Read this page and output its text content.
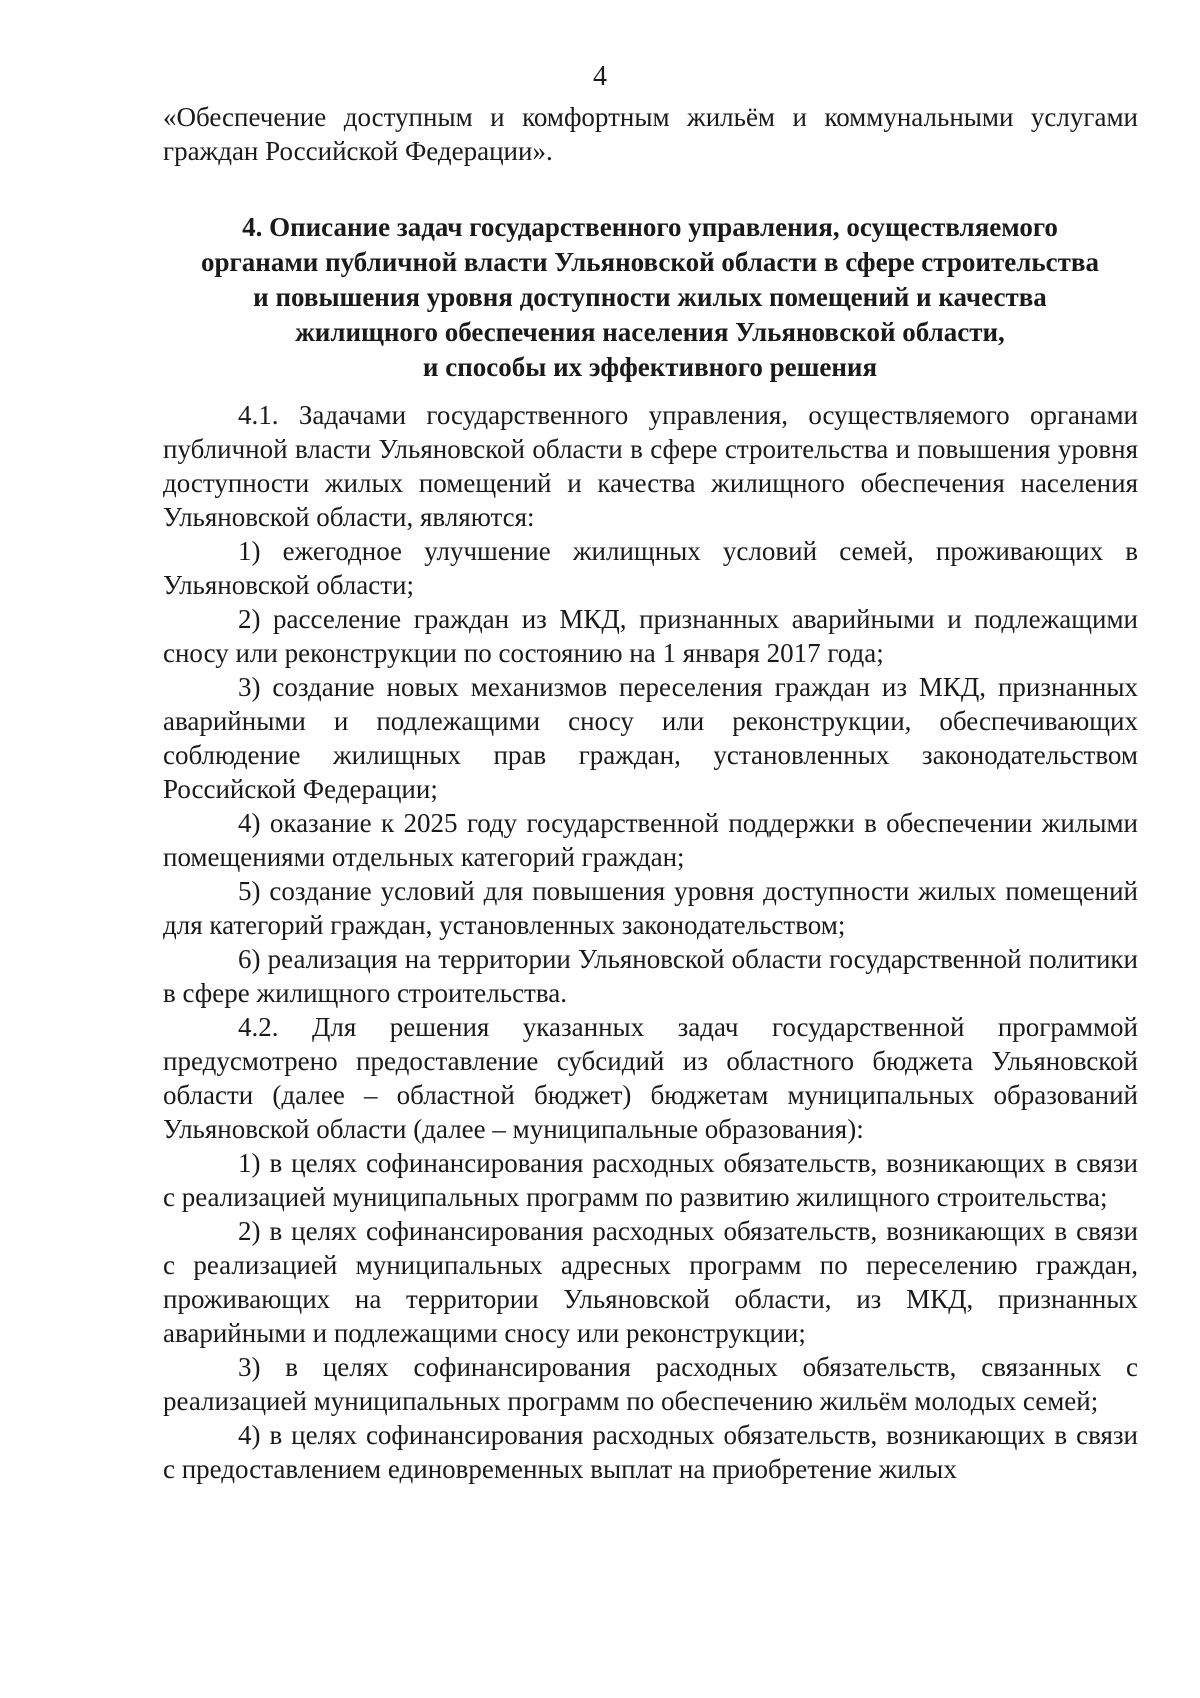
4

«Обеспечение доступным и комфортным жильём и коммунальными услугами граждан Российской Федерации».

4. Описание задач государственного управления, осуществляемого
органами публичной власти Ульяновской области в сфере строительства
и повышения уровня доступности жилых помещений и качества
жилищного обеспечения населения Ульяновской области,
и способы их эффективного решения

4.1. Задачами государственного управления, осуществляемого органами публичной власти Ульяновской области в сфере строительства и повышения уровня доступности жилых помещений и качества жилищного обеспечения населения Ульяновской области, являются:

1) ежегодное улучшение жилищных условий семей, проживающих в Ульяновской области;

2) расселение граждан из МКД, признанных аварийными и подлежащими сносу или реконструкции по состоянию на 1 января 2017 года;

3) создание новых механизмов переселения граждан из МКД, признанных аварийными и подлежащими сносу или реконструкции, обеспечивающих соблюдение жилищных прав граждан, установленных законодательством Российской Федерации;

4) оказание к 2025 году государственной поддержки в обеспечении жилыми помещениями отдельных категорий граждан;

5) создание условий для повышения уровня доступности жилых помещений для категорий граждан, установленных законодательством;

6) реализация на территории Ульяновской области государственной политики в сфере жилищного строительства.

4.2. Для решения указанных задач государственной программой предусмотрено предоставление субсидий из областного бюджета Ульяновской области (далее – областной бюджет) бюджетам муниципальных образований Ульяновской области (далее – муниципальные образования):

1) в целях софинансирования расходных обязательств, возникающих в связи с реализацией муниципальных программ по развитию жилищного строительства;

2) в целях софинансирования расходных обязательств, возникающих в связи с реализацией муниципальных адресных программ по переселению граждан, проживающих на территории Ульяновской области, из МКД, признанных аварийными и подлежащими сносу или реконструкции;

3) в целях софинансирования расходных обязательств, связанных с реализацией муниципальных программ по обеспечению жильём молодых семей;

4) в целях софинансирования расходных обязательств, возникающих в связи с предоставлением единовременных выплат на приобретение жилых
